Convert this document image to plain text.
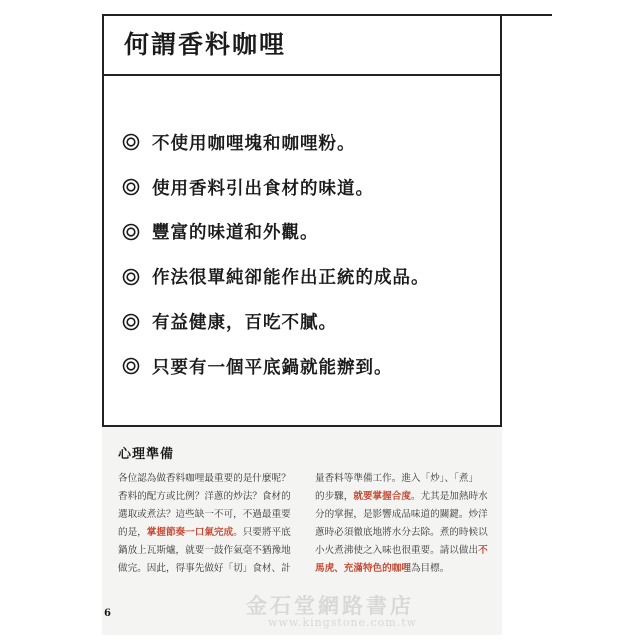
何謂香料咖哩
不使用咖哩塊和咖哩粉。
使用香料引出食材的味道。
豐富的味道和外觀。
作法很單純卻能作出正統的成品。
有益健康，百吃不膩。
只要有一個平底鍋就能辦到。
心理準備
各位認為做香料咖哩最重要的是什麼呢？
香料的配方或比例？洋蔥的炒法？食材的
選取或煮法？這些缺一不可，不過最重要
的是，掌握節奏一口氣完成。只要將平底
鍋放上瓦斯爐，就要一鼓作氣毫不猶豫地
做完。因此，得事先做好「切」食材、計
量香料等準備工作。進入「炒」、「煮」
的步驟，就要掌握合度。尤其是加熱時水
分的掌握，是影響成品味道的關鍵。炒洋
蔥時必須徹底地將水分去除。煮的時候以
小火煮沸使之入味也很重要。請以做出不
馬虎、充滿特色的咖哩為目標。
6	金石堂網路書店
www.kingstone.com.tw
